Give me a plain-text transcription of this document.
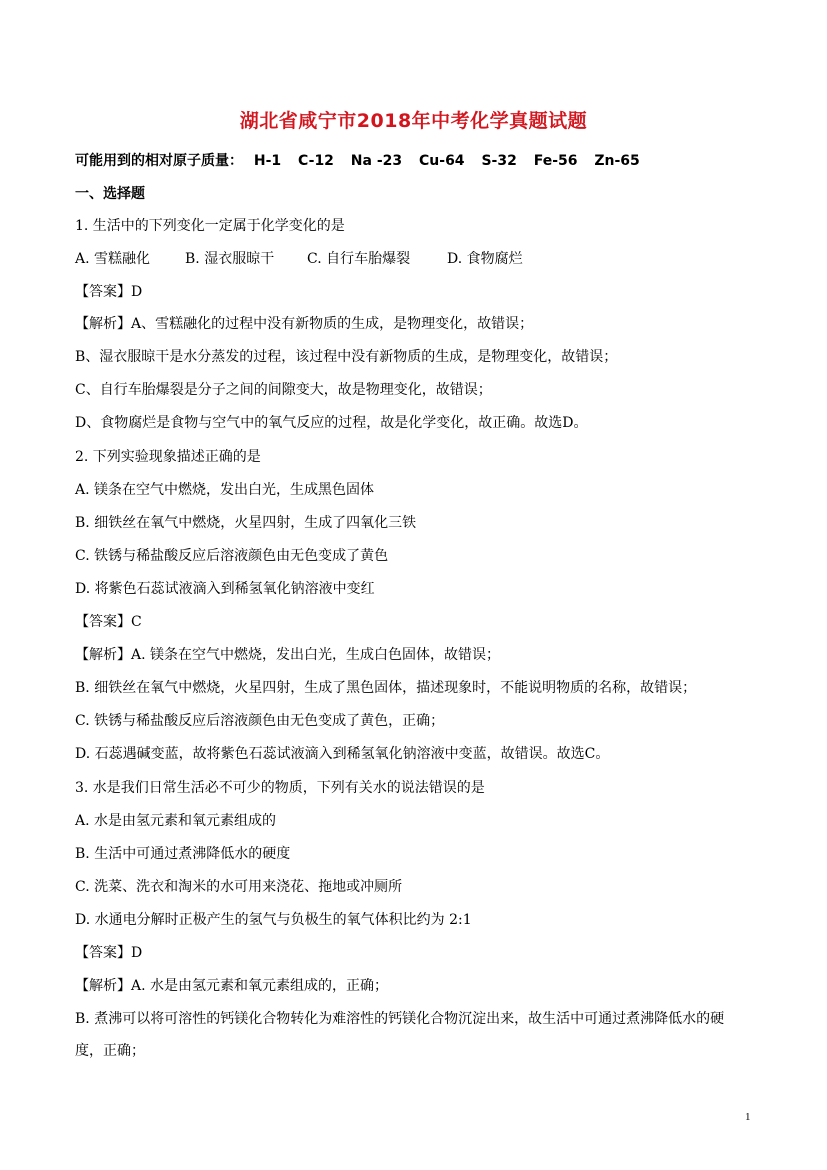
湖北省咸宁市2018年中考化学真题试题
可能用到的相对原子质量： H-1 C-12 Na -23 Cu-64 S-32 Fe-56 Zn-65
一、选择题
1. 生活中的下列变化一定属于化学变化的是
A. 雪糕融化 B. 湿衣服晾干 C. 自行车胎爆裂	D. 食物腐烂
【答案】D
【解析】A、雪糕融化的过程中没有新物质的生成，是物理变化，故错误；
B、湿衣服晾干是水分蒸发的过程，该过程中没有新物质的生成，是物理变化，故错误；
C、自行车胎爆裂是分子之间的间隙变大，故是物理变化，故错误；
D、食物腐烂是食物与空气中的氧气反应的过程，故是化学变化，故正确。故选D。
2. 下列实验现象描述正确的是
A. 镁条在空气中燃烧，发出白光，生成黑色固体
B. 细铁丝在氧气中燃烧，火星四射，生成了四氧化三铁
C. 铁锈与稀盐酸反应后溶液颜色由无色变成了黄色
D. 将紫色石蕊试液滴入到稀氢氧化钠溶液中变红
【答案】C
【解析】A. 镁条在空气中燃烧，发出白光，生成白色固体，故错误；
B. 细铁丝在氧气中燃烧，火星四射，生成了黑色固体，描述现象时，不能说明物质的名称，故错误；
C. 铁锈与稀盐酸反应后溶液颜色由无色变成了黄色，正确；
D. 石蕊遇碱变蓝，故将紫色石蕊试液滴入到稀氢氧化钠溶液中变蓝，故错误。故选C。
3. 水是我们日常生活必不可少的物质，下列有关水的说法错误的是
A. 水是由氢元素和氧元素组成的
B. 生活中可通过煮沸降低水的硬度
C. 洗菜、洗衣和淘米的水可用来浇花、拖地或冲厕所
D. 水通电分解时正极产生的氢气与负极生的氧气体积比约为 2:1
【答案】D
【解析】A. 水是由氢元素和氧元素组成的，正确；
B. 煮沸可以将可溶性的钙镁化合物转化为难溶性的钙镁化合物沉淀出来，故生活中可通过煮沸降低水的硬
度，正确；
1
